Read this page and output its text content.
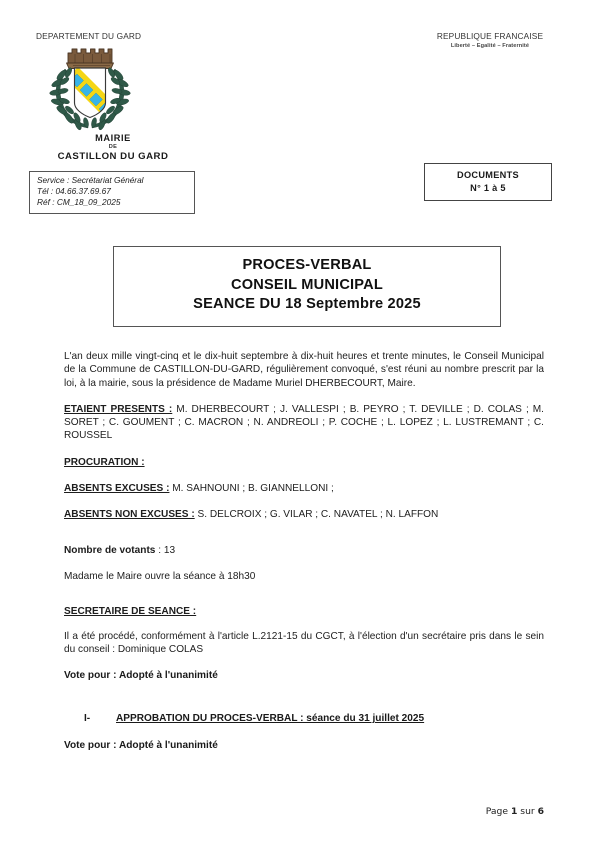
DEPARTEMENT DU GARD	REPUBLIQUE FRANCAISE
Liberté – Egalité – Fraternité
MAIRIE
DE
CASTILLON DU GARD
Service : Secrétariat Général
Tél : 04.66.37.69.67
Réf : CM_18_09_2025
DOCUMENTS
N° 1 à 5
PROCES-VERBAL
CONSEIL MUNICIPAL
SEANCE DU 18 Septembre 2025

L'an deux mille vingt-cinq et le dix-huit septembre à dix-huit heures et trente minutes, le Conseil Municipal de la Commune de CASTILLON-DU-GARD, régulièrement convoqué, s'est réuni au nombre prescrit par la loi, à la mairie, sous la présidence de Madame Muriel DHERBECOURT, Maire.

ETAIENT PRESENTS : M. DHERBECOURT ; J. VALLESPI ; B. PEYRO ; T. DEVILLE ; D. COLAS ; M. SORET ; C. GOUMENT ; C. MACRON ; N. ANDREOLI ; P. COCHE ; L. LOPEZ ; L. LUSTREMANT ; C. ROUSSEL

PROCURATION :

ABSENTS EXCUSES : M. SAHNOUNI ; B. GIANNELLONI ;

ABSENTS NON EXCUSES : S. DELCROIX ; G. VILAR ; C. NAVATEL ; N. LAFFON

Nombre de votants : 13

Madame le Maire ouvre la séance à 18h30

SECRETAIRE DE SEANCE :

Il a été procédé, conformément à l'article L.2121-15 du CGCT, à l'élection d'un secrétaire pris dans le sein du conseil : Dominique COLAS

Vote pour : Adopté à l'unanimité

I-	APPROBATION DU PROCES-VERBAL : séance du 31 juillet 2025

Vote pour : Adopté à l'unanimité

Page 1 sur 6
